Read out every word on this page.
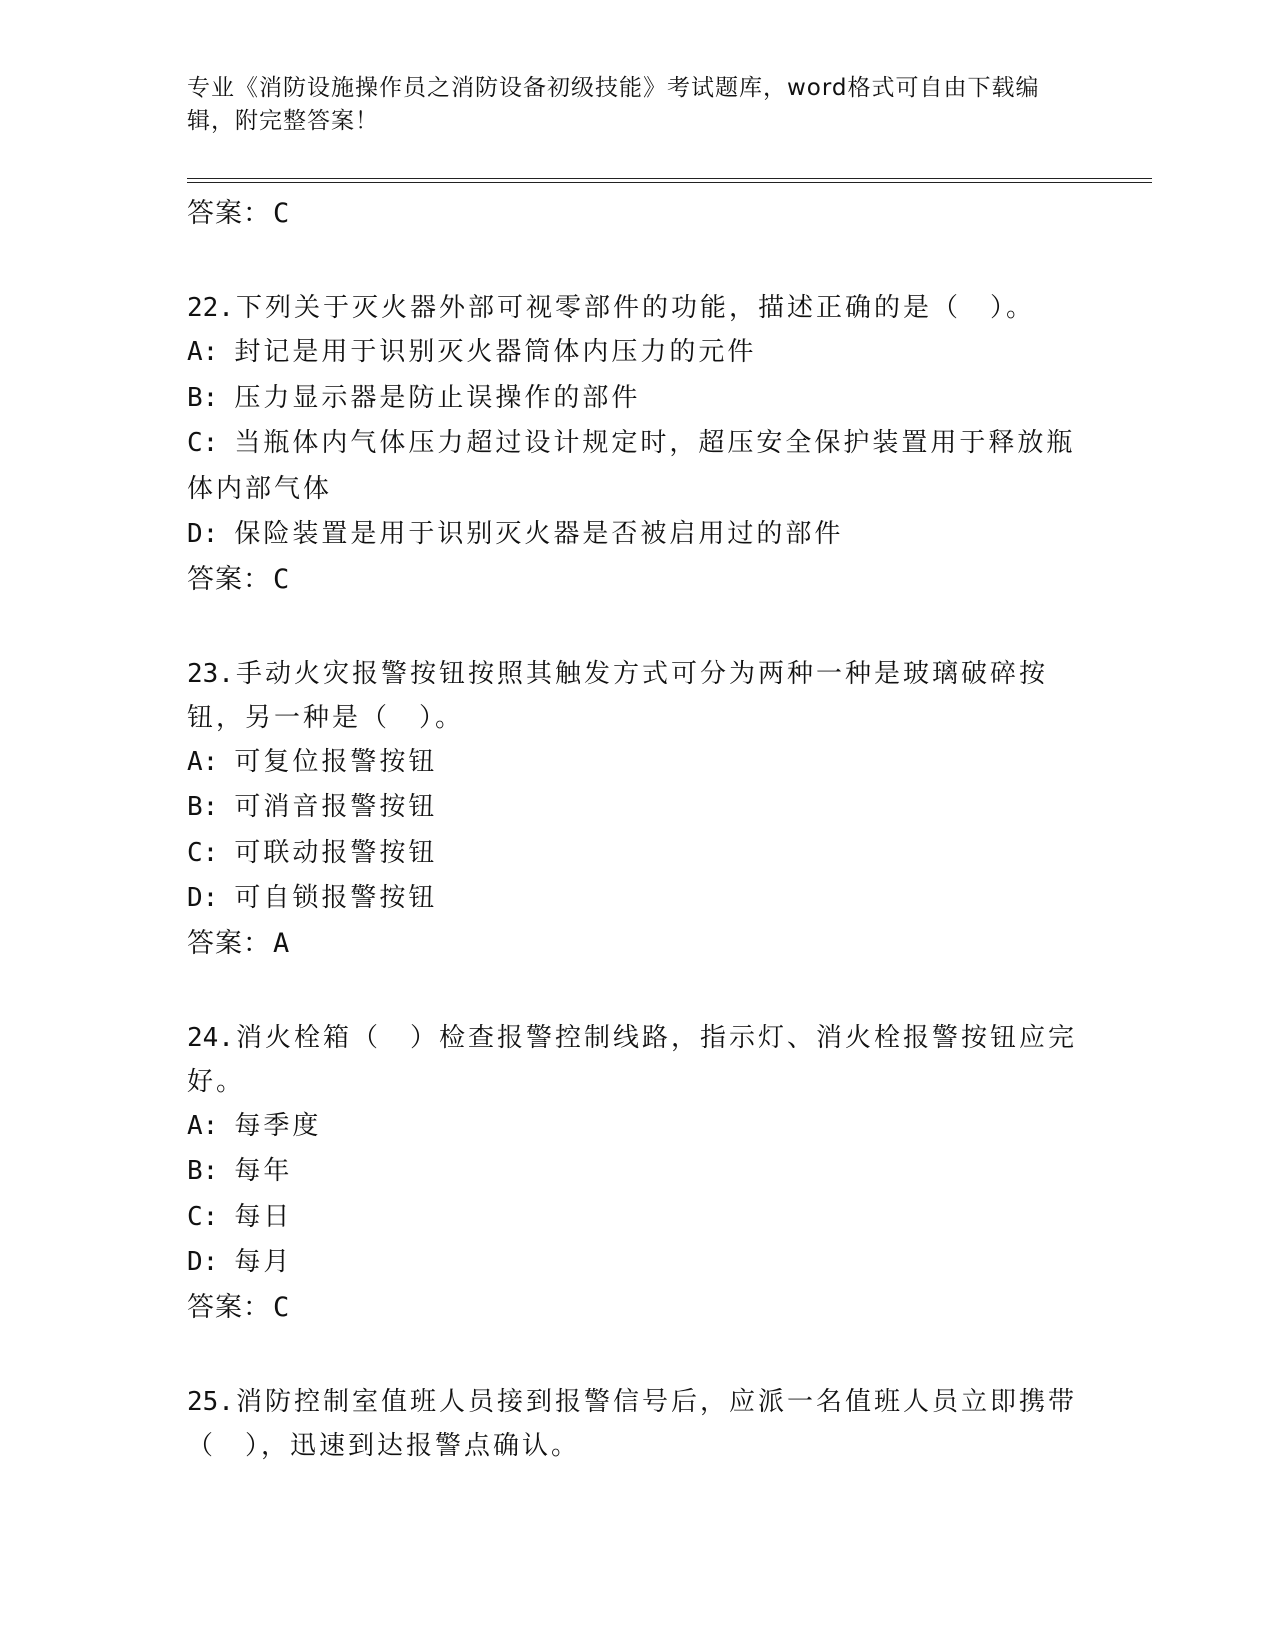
专业《消防设施操作员之消防设备初级技能》考试题库，word格式可自由下载编辑，附完整答案！

答案：C

22.下列关于灭火器外部可视零部件的功能，描述正确的是（　）。

A: 封记是用于识别灭火器筒体内压力的元件

B: 压力显示器是防止误操作的部件

C: 当瓶体内气体压力超过设计规定时，超压安全保护装置用于释放瓶体内部气体

D: 保险装置是用于识别灭火器是否被启用过的部件

答案：C

23.手动火灾报警按钮按照其触发方式可分为两种一种是玻璃破碎按钮，另一种是（　）。

A: 可复位报警按钮

B: 可消音报警按钮

C: 可联动报警按钮

D: 可自锁报警按钮

答案：A

24.消火栓箱（　）检查报警控制线路，指示灯、消火栓报警按钮应完好。

A: 每季度

B: 每年

C: 每日

D: 每月

答案：C

25.消防控制室值班人员接到报警信号后，应派一名值班人员立即携带（　），迅速到达报警点确认。
